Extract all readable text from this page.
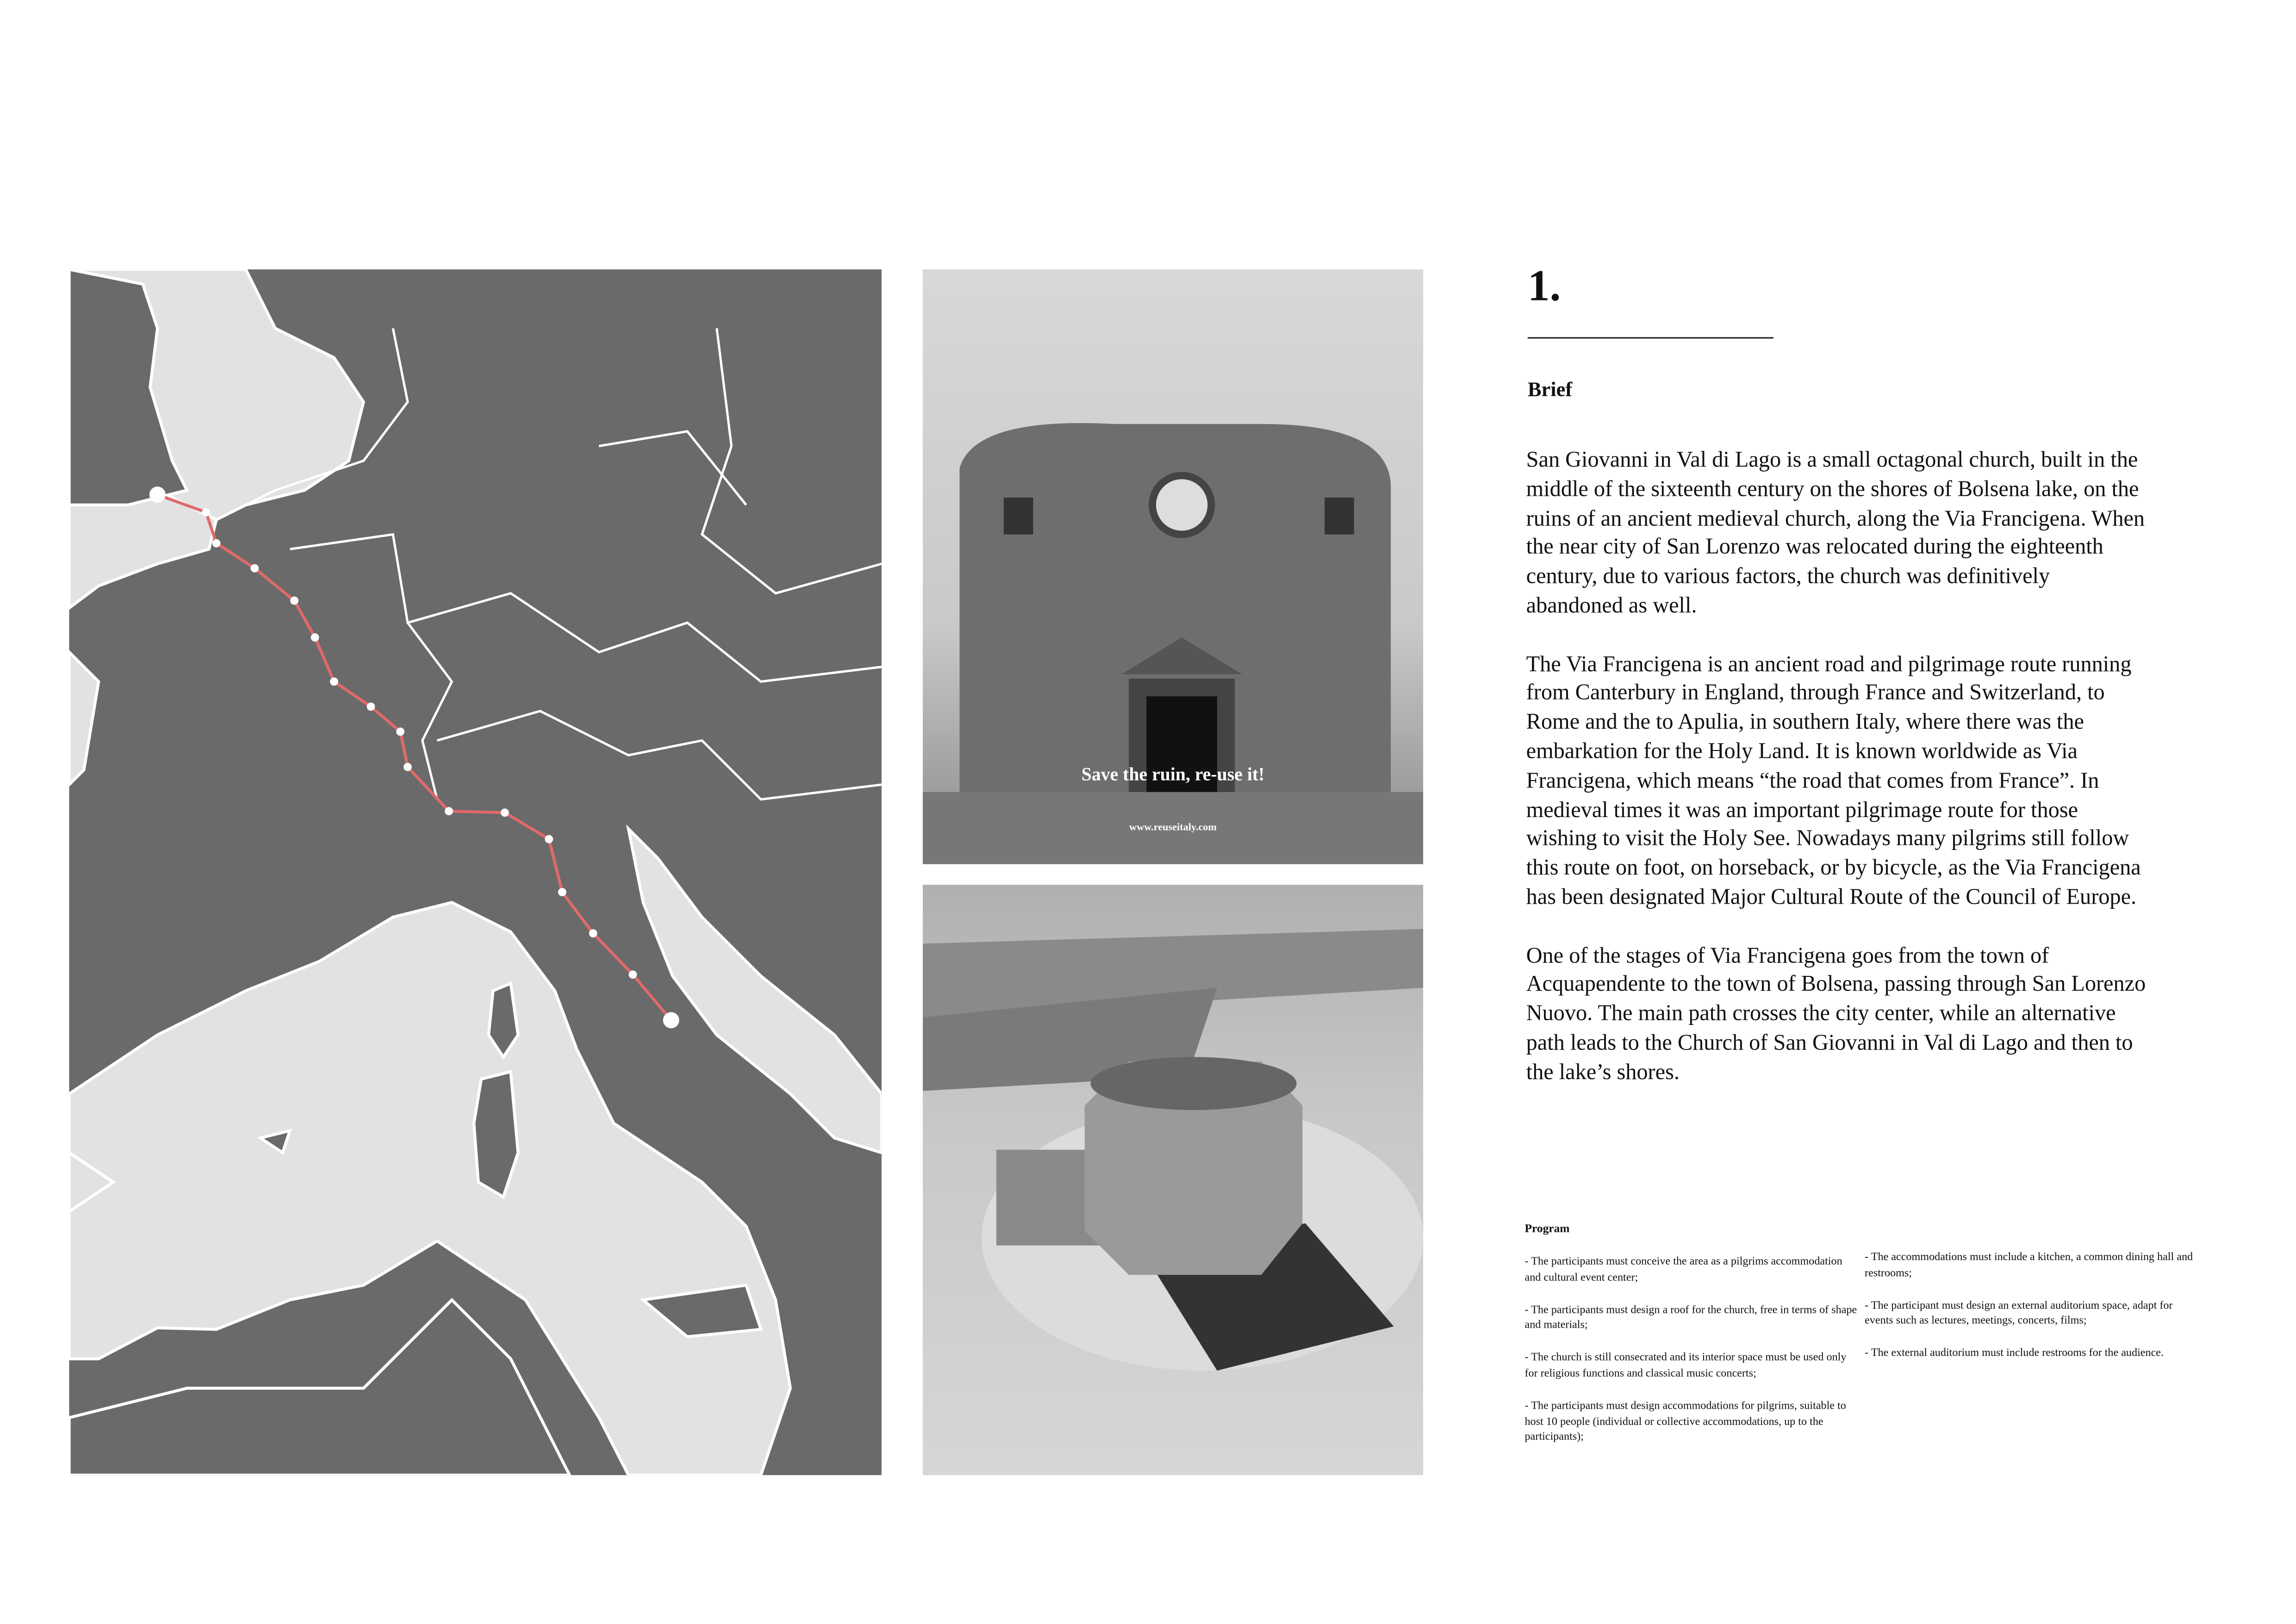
Save the ruin, re-use it!
www.reuseitaly.com
1.
Brief

San Giovanni in Val di Lago is a small octagonal church, built in the middle of the sixteenth century on the shores of Bolsena lake, on the ruins of an ancient medieval church, along the Via Francigena. When the near city of San Lorenzo was relocated during the eighteenth century, due to various factors, the church was definitively abandoned as well.

The Via Francigena is an ancient road and pilgrimage route running from Canterbury in England, through France and Switzerland, to Rome and the to Apulia, in southern Italy, where there was the embarkation for the Holy Land. It is known worldwide as Via Francigena, which means “the road that comes from France”. In medieval times it was an important pilgrimage route for those wishing to visit the Holy See. Nowadays many pilgrims still follow this route on foot, on horseback, or by bicycle, as the Via Francigena has been designated Major Cultural Route of the Council of Europe.

One of the stages of Via Francigena goes from the town of Acquapendente to the town of Bolsena, passing through San Lorenzo Nuovo. The main path crosses the city center, while an alternative path leads to the Church of San Giovanni in Val di Lago and then to the lake’s shores.

Program

- The participants must conceive the area as a pilgrims accommodation and cultural event center;

- The participants must design a roof for the church, free in terms of shape and materials;

- The church is still consecrated and its interior space must be used only for religious functions and classical music concerts;

- The participants must design accommodations for pilgrims, suitable to host 10 people (individual or collective accommodations, up to the participants);

- The accommodations must include a kitchen, a common dining hall and restrooms;

- The participant must design an external auditorium space, adapt for events such as lectures, meetings, concerts, films;

- The external auditorium must include restrooms for the audience.
